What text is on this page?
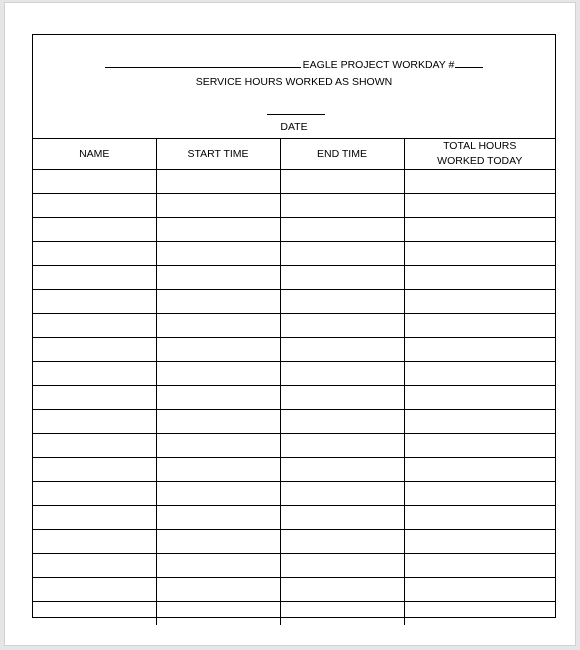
EAGLE PROJECT WORKDAY #
SERVICE HOURS WORKED AS SHOWN
DATE
NAME	START TIME	END TIME	TOTAL HOURS
WORKED TODAY
